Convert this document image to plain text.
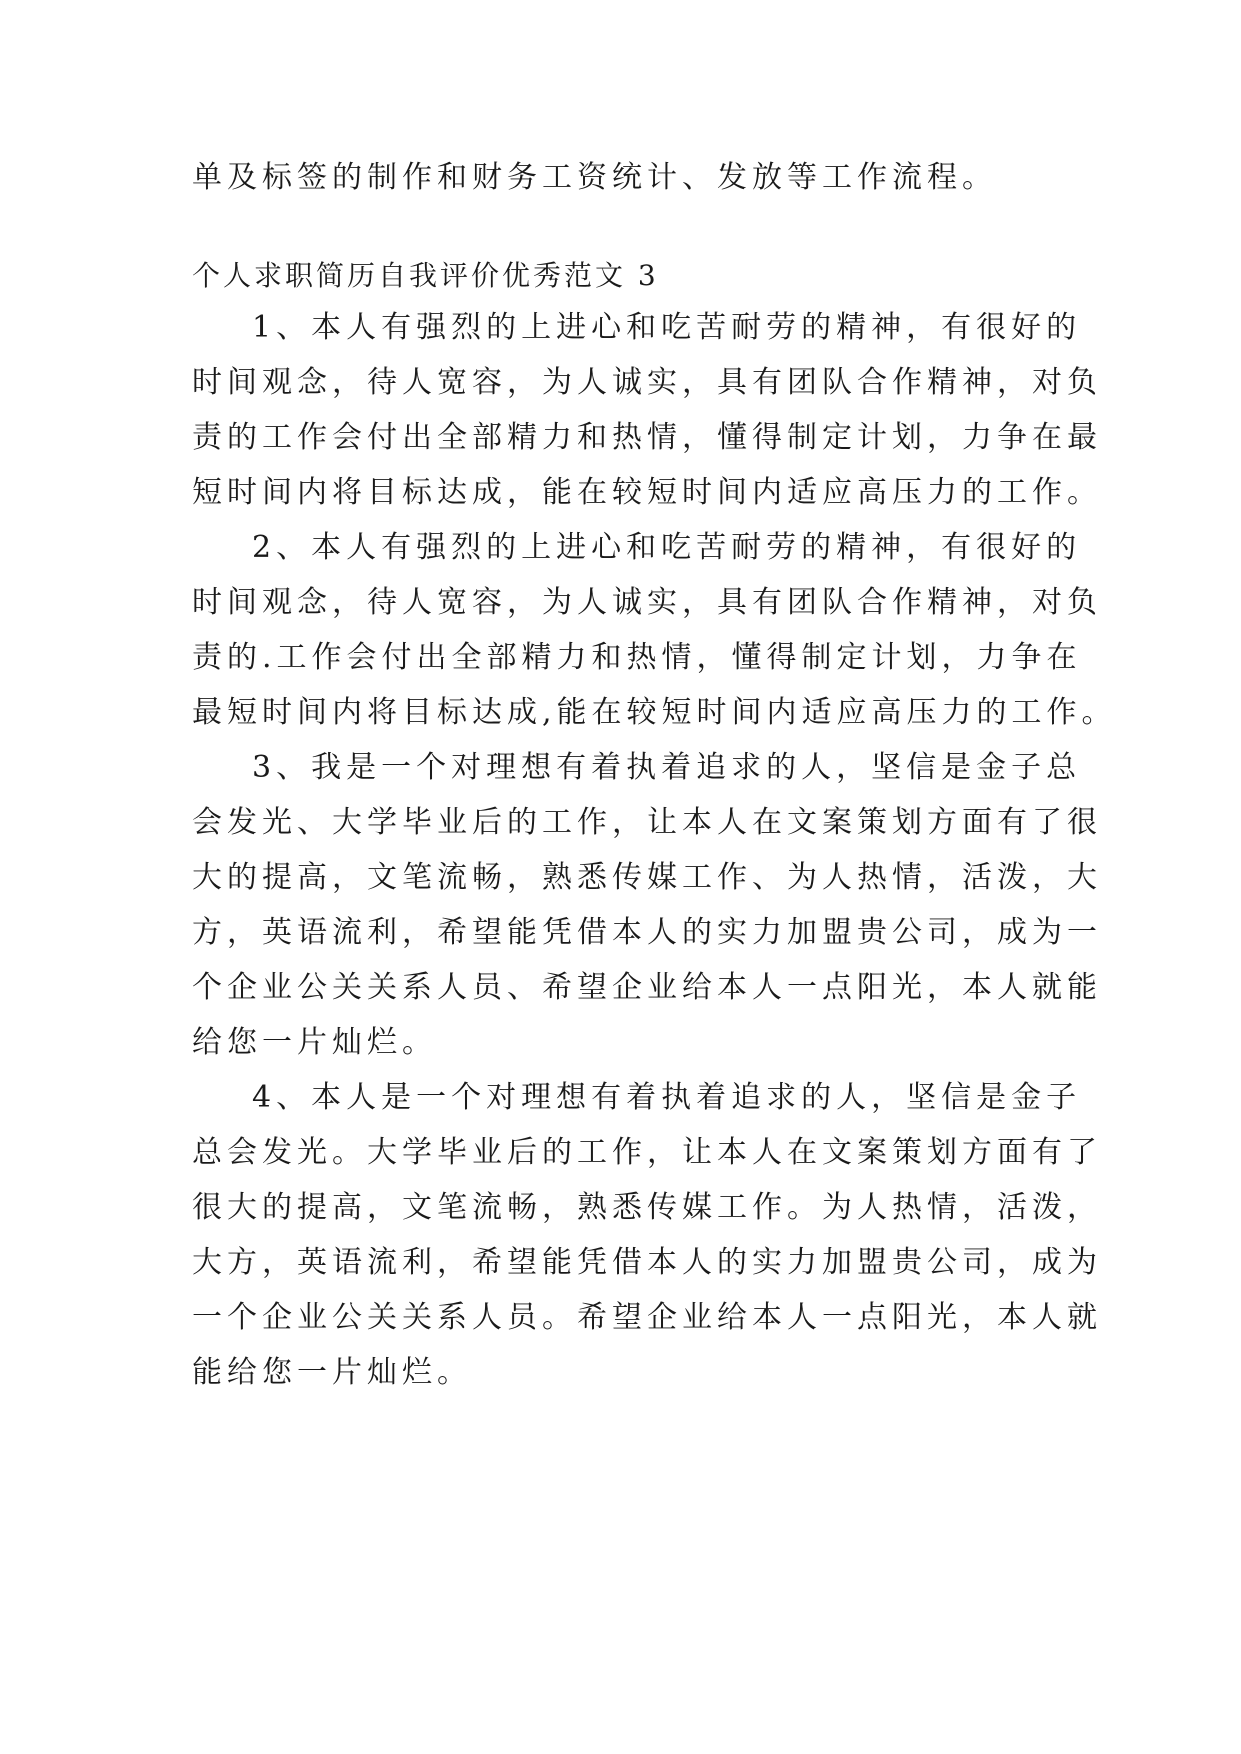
单及标签的制作和财务工资统计、发放等工作流程。
个人求职简历自我评价优秀范文 3
1、本人有强烈的上进心和吃苦耐劳的精神，有很好的
时间观念，待人宽容，为人诚实，具有团队合作精神，对负
责的工作会付出全部精力和热情，懂得制定计划，力争在最
短时间内将目标达成，能在较短时间内适应高压力的工作。
2、本人有强烈的上进心和吃苦耐劳的精神，有很好的
时间观念，待人宽容，为人诚实，具有团队合作精神，对负
责的.工作会付出全部精力和热情，懂得制定计划，力争在
最短时间内将目标达成,能在较短时间内适应高压力的工作。
3、我是一个对理想有着执着追求的人，坚信是金子总
会发光、大学毕业后的工作，让本人在文案策划方面有了很
大的提高，文笔流畅，熟悉传媒工作、为人热情，活泼，大
方，英语流利，希望能凭借本人的实力加盟贵公司，成为一
个企业公关关系人员、希望企业给本人一点阳光，本人就能
给您一片灿烂。
4、本人是一个对理想有着执着追求的人，坚信是金子
总会发光。大学毕业后的工作，让本人在文案策划方面有了
很大的提高，文笔流畅，熟悉传媒工作。为人热情，活泼，
大方，英语流利，希望能凭借本人的实力加盟贵公司，成为
一个企业公关关系人员。希望企业给本人一点阳光，本人就
能给您一片灿烂。
